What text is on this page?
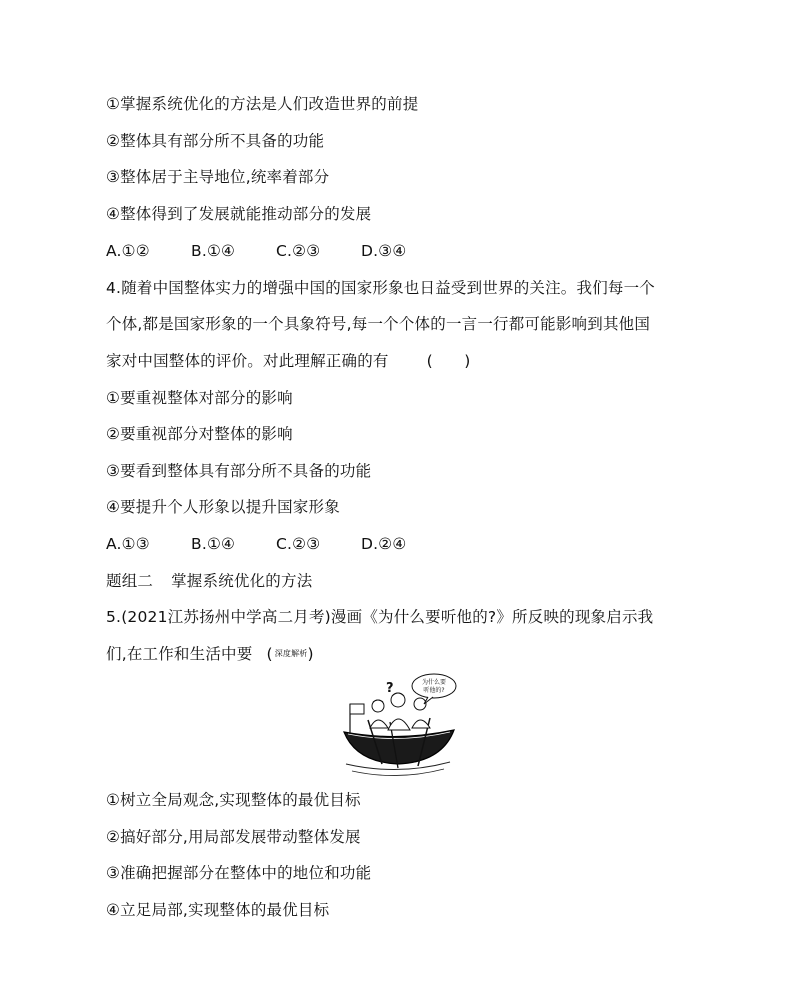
①掌握系统优化的方法是人们改造世界的前提
②整体具有部分所不具备的功能
③整体居于主导地位,统率着部分
④整体得到了发展就能推动部分的发展
A.①②	B.①④	C.②③	D.③④
4.随着中国整体实力的增强中国的国家形象也日益受到世界的关注。我们每一个
个体,都是国家形象的一个具象符号,每一个个体的一言一行都可能影响到其他国
家对中国整体的评价。对此理解正确的有 (　　)
①要重视整体对部分的影响
②要重视部分对整体的影响
③要看到整体具有部分所不具备的功能
④要提升个人形象以提升国家形象
A.①③	B.①④	C.②③	D.②④
题组二 掌握系统优化的方法
5.(2021江苏扬州中学高二月考)漫画《为什么要听他的?》所反映的现象启示我
们,在工作和生活中要 ( 深度解析)
?	为什么要
听他的?
①树立全局观念,实现整体的最优目标
②搞好部分,用局部发展带动整体发展
③准确把握部分在整体中的地位和功能
④立足局部,实现整体的最优目标
